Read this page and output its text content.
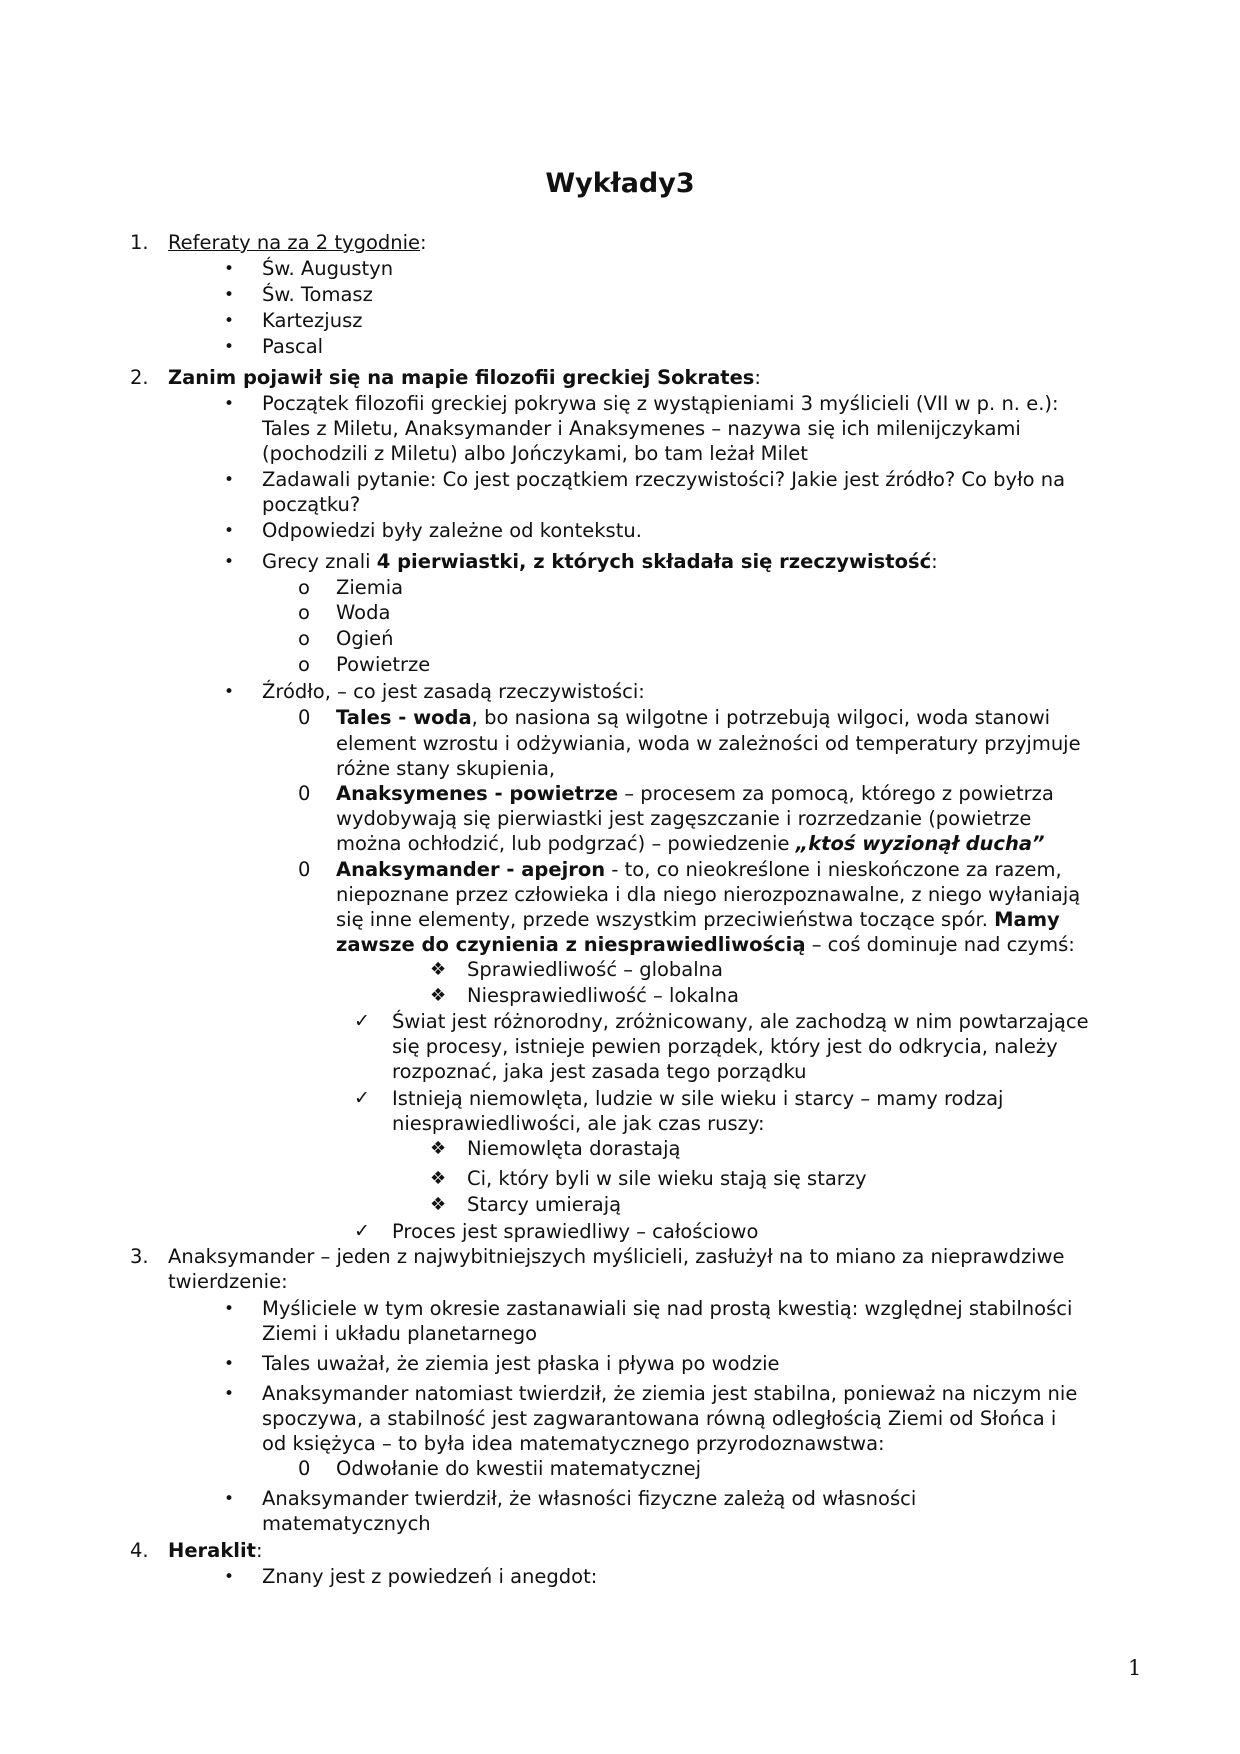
Wykłady3
1. Referaty na za 2 tygodnie:
• Św. Augustyn
• Św. Tomasz
• Kartezjusz
• Pascal
2. Zanim pojawił się na mapie filozofii greckiej Sokrates:
• Początek filozofii greckiej pokrywa się z wystąpieniami 3 myślicieli (VII w p. n. e.):
Tales z Miletu, Anaksymander i Anaksymenes – nazywa się ich milenijczykami
(pochodzili z Miletu) albo Jończykami, bo tam leżał Milet
• Zadawali pytanie: Co jest początkiem rzeczywistości? Jakie jest źródło? Co było na
początku?
• Odpowiedzi były zależne od kontekstu.
• Grecy znali 4 pierwiastki, z których składała się rzeczywistość:
o Ziemia
o Woda
o Ogień
o Powietrze
• Źródło, – co jest zasadą rzeczywistości:
0 Tales - woda, bo nasiona są wilgotne i potrzebują wilgoci, woda stanowi
element wzrostu i odżywiania, woda w zależności od temperatury przyjmuje
różne stany skupienia,
0 Anaksymenes - powietrze – procesem za pomocą, którego z powietrza
wydobywają się pierwiastki jest zagęszczanie i rozrzedzanie (powietrze
można ochłodzić, lub podgrzać) – powiedzenie „ktoś wyzionął ducha”
0 Anaksymander - apejron - to, co nieokreślone i nieskończone za razem,
niepoznane przez człowieka i dla niego nierozpoznawalne, z niego wyłaniają
się inne elementy, przede wszystkim przeciwieństwa toczące spór. Mamy
zawsze do czynienia z niesprawiedliwością – coś dominuje nad czymś:
❖ Sprawiedliwość – globalna
❖ Niesprawiedliwość – lokalna
✓ Świat jest różnorodny, zróżnicowany, ale zachodzą w nim powtarzające
się procesy, istnieje pewien porządek, który jest do odkrycia, należy
rozpoznać, jaka jest zasada tego porządku
✓ Istnieją niemowlęta, ludzie w sile wieku i starcy – mamy rodzaj
niesprawiedliwości, ale jak czas ruszy:
❖ Niemowlęta dorastają
❖ Ci, który byli w sile wieku stają się starzy
❖ Starcy umierają
✓ Proces jest sprawiedliwy – całościowo
3. Anaksymander – jeden z najwybitniejszych myślicieli, zasłużył na to miano za nieprawdziwe
twierdzenie:
• Myśliciele w tym okresie zastanawiali się nad prostą kwestią: względnej stabilności
Ziemi i układu planetarnego
• Tales uważał, że ziemia jest płaska i pływa po wodzie
• Anaksymander natomiast twierdził, że ziemia jest stabilna, ponieważ na niczym nie
spoczywa, a stabilność jest zagwarantowana równą odległością Ziemi od Słońca i
od księżyca – to była idea matematycznego przyrodoznawstwa:
0 Odwołanie do kwestii matematycznej
• Anaksymander twierdził, że własności fizyczne zależą od własności
matematycznych
4. Heraklit:
• Znany jest z powiedzeń i anegdot:
1
